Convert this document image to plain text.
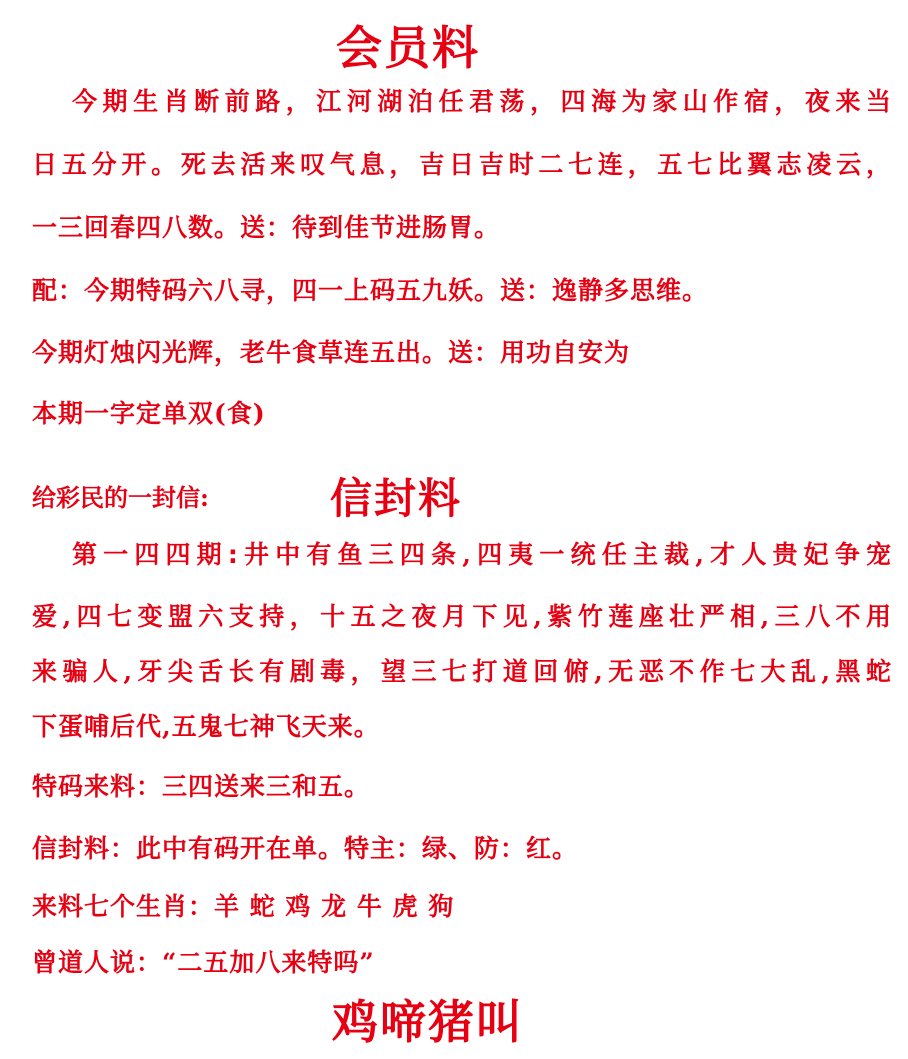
会员料
今期生肖断前路，江河湖泊任君荡，四海为家山作宿，夜来当
日五分开。死去活来叹气息，吉日吉时二七连，五七比翼志凌云，
一三回春四八数。送：待到佳节进肠胃。
配：今期特码六八寻，四一上码五九妖。送：逸静多思维。
今期灯烛闪光辉，老牛食草连五出。送：用功自安为
本期一字定单双(食)
给彩民的一封信:	信封料
第一四四期:井中有鱼三四条,四夷一统任主裁,才人贵妃争宠
爱,四七变盟六支持，十五之夜月下见,紫竹莲座壮严相,三八不用
来骗人,牙尖舌长有剧毒，望三七打道回俯,无恶不作七大乱,黑蛇
下蛋哺后代,五鬼七神飞天来。
特码来料：三四送来三和五。
信封料：此中有码开在单。特主：绿、防：红。
来料七个生肖：羊 蛇 鸡 龙 牛 虎 狗
曾道人说：“二五加八来特吗”
鸡啼猪叫
